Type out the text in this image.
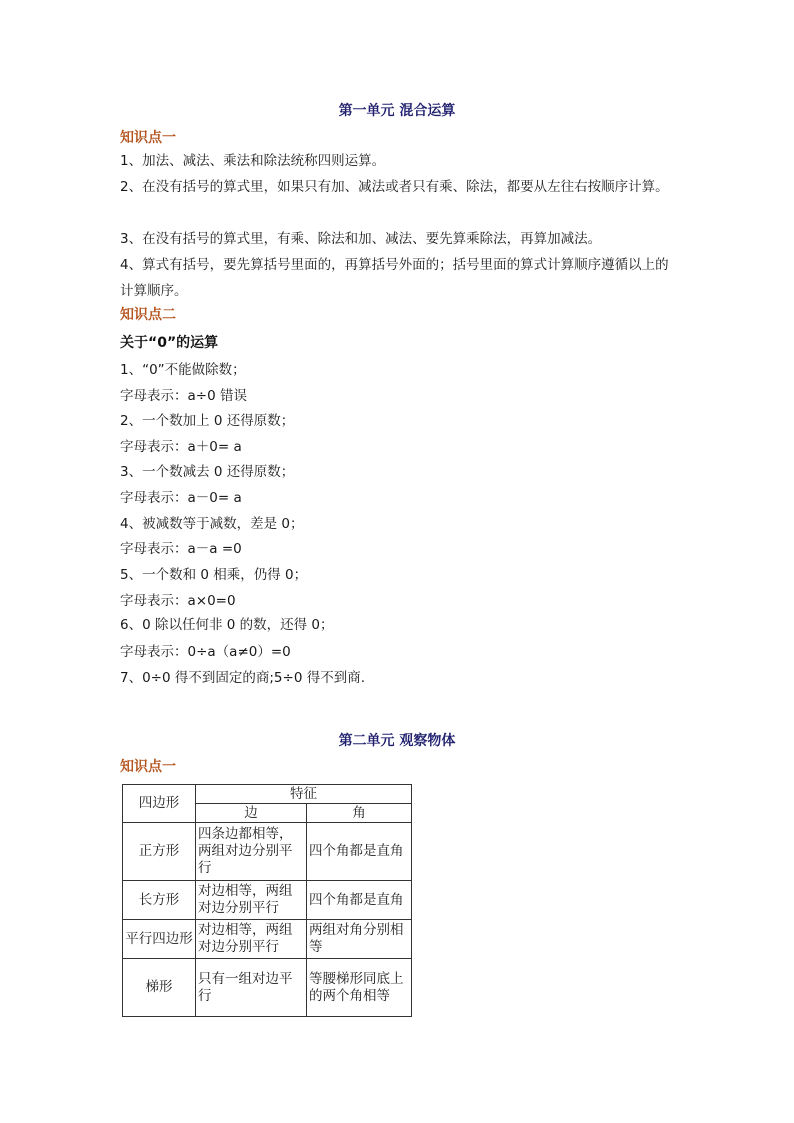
第一单元 混合运算
知识点一
1、加法、减法、乘法和除法统称四则运算。
2、在没有括号的算式里，如果只有加、减法或者只有乘、除法，都要从左往右按顺序计算。
3、在没有括号的算式里，有乘、除法和加、减法、要先算乘除法，再算加减法。
4、算式有括号，要先算括号里面的，再算括号外面的；括号里面的算式计算顺序遵循以上的计算顺序。
知识点二
关于“0”的运算
1、“0”不能做除数；
字母表示：a÷0 错误
2、一个数加上 0 还得原数；
字母表示：a＋0= a
3、一个数减去 0 还得原数；
字母表示：a－0= a
4、被减数等于减数，差是 0；
字母表示：a－a =0
5、一个数和 0 相乘，仍得 0；
字母表示：a×0=0
6、0 除以任何非 0 的数，还得 0；
字母表示：0÷a（a≠0）=0
7、0÷0 得不到固定的商;5÷0 得不到商.
第二单元 观察物体
知识点一
四边形	特征	
	边	角
正方形	四条边都相等，两组对边分别平行	四个角都是直角
长方形	对边相等，两组对边分别平行	四个角都是直角
平行四边形	对边相等，两组对边分别平行	两组对角分别相等
梯形	只有一组对边平行	等腰梯形同底上的两个角相等
